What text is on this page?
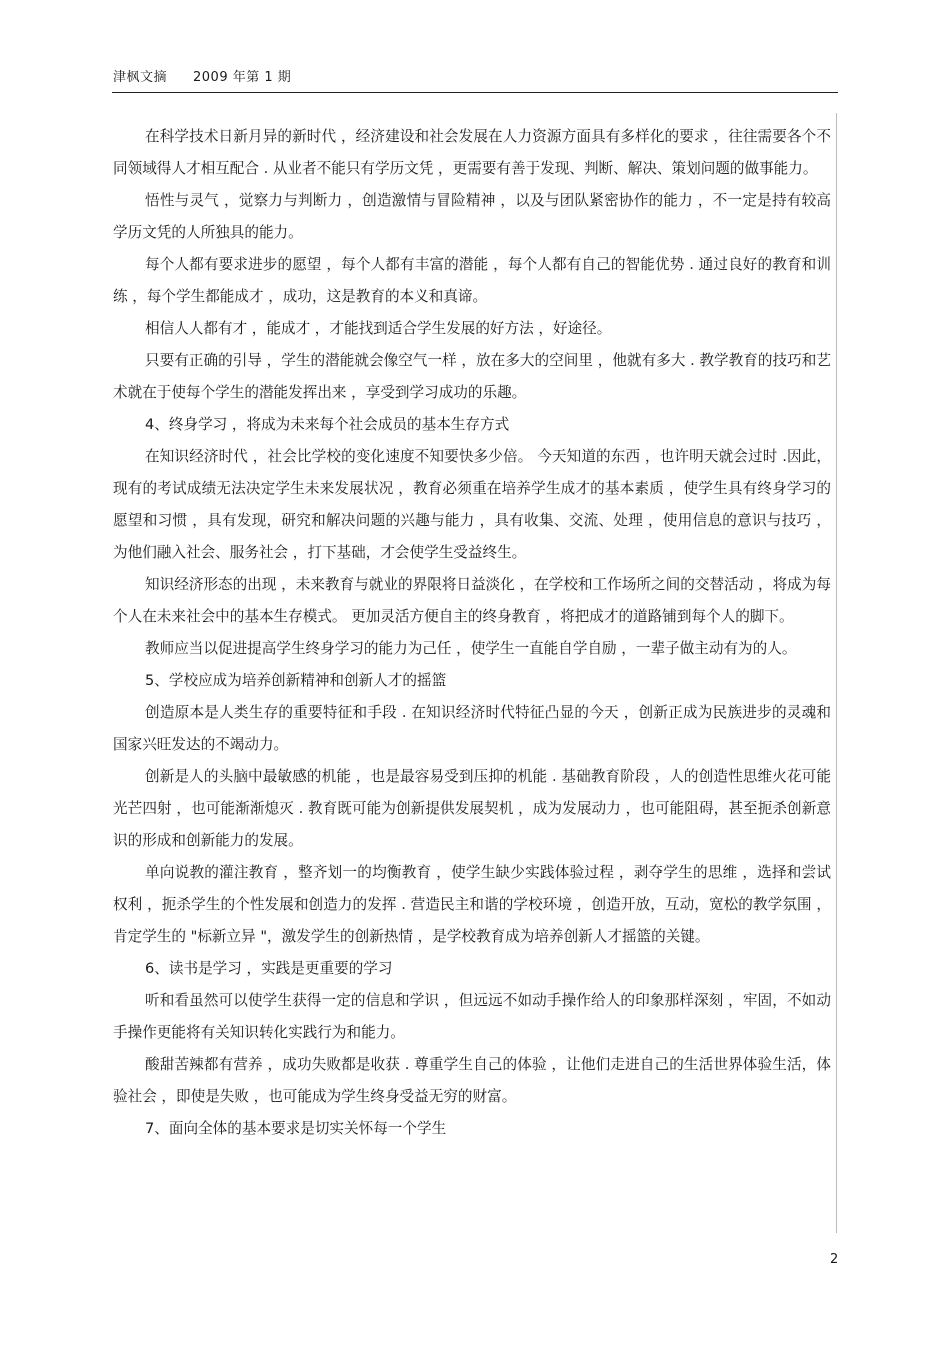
津枫文摘 2009 年第 1 期

在科学技术日新月异的新时代 ，经济建设和社会发展在人力资源方面具有多样化的要求 ，往往需要各个不同领域得人才相互配合 . 从业者不能只有学历文凭 ，更需要有善于发现、判断、解决、策划问题的做事能力。

悟性与灵气 ，觉察力与判断力 ，创造激情与冒险精神 ，以及与团队紧密协作的能力 ，不一定是持有较高学历文凭的人所独具的能力。

每个人都有要求进步的愿望 ，每个人都有丰富的潜能 ，每个人都有自己的智能优势 . 通过良好的教育和训练 ，每个学生都能成才 ，成功，这是教育的本义和真谛。

相信人人都有才 ，能成才 ，才能找到适合学生发展的好方法 ，好途径。

只要有正确的引导 ，学生的潜能就会像空气一样 ，放在多大的空间里 ，他就有多大 . 教学教育的技巧和艺术就在于使每个学生的潜能发挥出来 ，享受到学习成功的乐趣。

4、终身学习 ，将成为未来每个社会成员的基本生存方式

在知识经济时代 ，社会比学校的变化速度不知要快多少倍。 今天知道的东西 ，也许明天就会过时 .因此，现有的考试成绩无法决定学生未来发展状况 ，教育必须重在培养学生成才的基本素质 ，使学生具有终身学习的愿望和习惯 ，具有发现，研究和解决问题的兴趣与能力 ，具有收集、交流、处理 ，使用信息的意识与技巧 ，为他们融入社会、服务社会 ，打下基础，才会使学生受益终生。

知识经济形态的出现 ，未来教育与就业的界限将日益淡化 ，在学校和工作场所之间的交替活动 ，将成为每个人在未来社会中的基本生存模式。 更加灵活方便自主的终身教育 ，将把成才的道路铺到每个人的脚下。

教师应当以促进提高学生终身学习的能力为己任 ，使学生一直能自学自励 ，一辈子做主动有为的人。

5、学校应成为培养创新精神和创新人才的摇篮

创造原本是人类生存的重要特征和手段 . 在知识经济时代特征凸显的今天 ，创新正成为民族进步的灵魂和国家兴旺发达的不竭动力。

创新是人的头脑中最敏感的机能 ，也是最容易受到压抑的机能 . 基础教育阶段 ，人的创造性思维火花可能光芒四射 ，也可能渐渐熄灭 . 教育既可能为创新提供发展契机 ，成为发展动力 ，也可能阻碍，甚至扼杀创新意识的形成和创新能力的发展。

单向说教的灌注教育 ，整齐划一的均衡教育 ，使学生缺少实践体验过程 ，剥夺学生的思维 ，选择和尝试权利 ，扼杀学生的个性发展和创造力的发挥 . 营造民主和谐的学校环境 ，创造开放，互动，宽松的教学氛围 ，肯定学生的 "标新立异 "，激发学生的创新热情 ，是学校教育成为培养创新人才摇篮的关键。

6、读书是学习 ，实践是更重要的学习

听和看虽然可以使学生获得一定的信息和学识 ，但远远不如动手操作给人的印象那样深刻 ，牢固，不如动手操作更能将有关知识转化实践行为和能力。

酸甜苦辣都有营养 ，成功失败都是收获 . 尊重学生自己的体验 ，让他们走进自己的生活世界体验生活，体验社会 ，即使是失败 ，也可能成为学生终身受益无穷的财富。

7、面向全体的基本要求是切实关怀每一个学生

2
